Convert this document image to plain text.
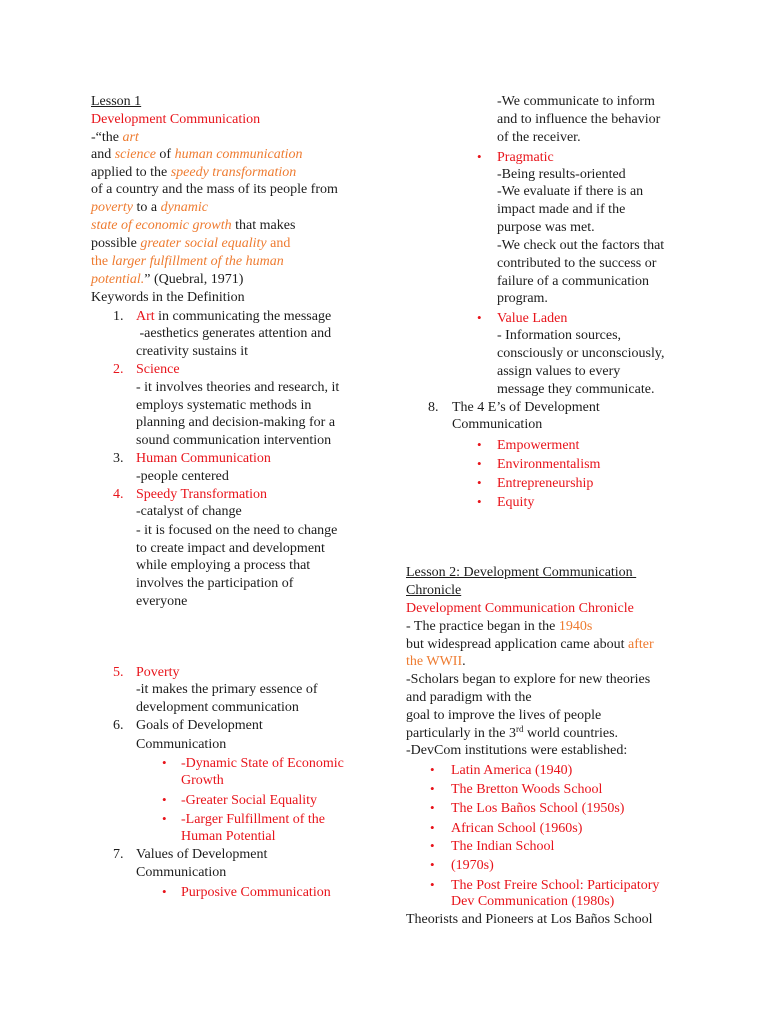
Lesson 1
Development Communication
-“the art
and science of human communication
applied to the speedy transformation
of a country and the mass of its people from
poverty to a dynamic
state of economic growth that makes
possible greater social equality and
the larger fulfillment of the human
potential.” (Quebral, 1971)
Keywords in the Definition
1. Art in communicating the message
-aesthetics generates attention and
creativity sustains it
2. Science
- it involves theories and research, it
employs systematic methods in
planning and decision-making for a
sound communication intervention
3. Human Communication
-people centered
4. Speedy Transformation
-catalyst of change
- it is focused on the need to change
to create impact and development
while employing a process that
involves the participation of
everyone
5. Poverty
-it makes the primary essence of
development communication
6. Goals of Development
Communication
• -Dynamic State of Economic
Growth
• -Greater Social Equality
• -Larger Fulfillment of the
Human Potential
7. Values of Development
Communication
• Purposive Communication
-We communicate to inform
and to influence the behavior
of the receiver.
• Pragmatic
-Being results-oriented
-We evaluate if there is an
impact made and if the
purpose was met.
-We check out the factors that
contributed to the success or
failure of a communication
program.
• Value Laden
- Information sources,
consciously or unconsciously,
assign values to every
message they communicate.
8. The 4 E’s of Development
Communication
• Empowerment
• Environmentalism
• Entrepreneurship
• Equity
Lesson 2: Development Communication
Chronicle
Development Communication Chronicle
- The practice began in the 1940s
but widespread application came about after
the WWII.
-Scholars began to explore for new theories
and paradigm with the
goal to improve the lives of people
particularly in the 3rd world countries.
-DevCom institutions were established:
• Latin America (1940)
• The Bretton Woods School
• The Los Baños School (1950s)
• African School (1960s)
• The Indian School
• (1970s)
• The Post Freire School: Participatory
Dev Communication (1980s)
Theorists and Pioneers at Los Baños School
